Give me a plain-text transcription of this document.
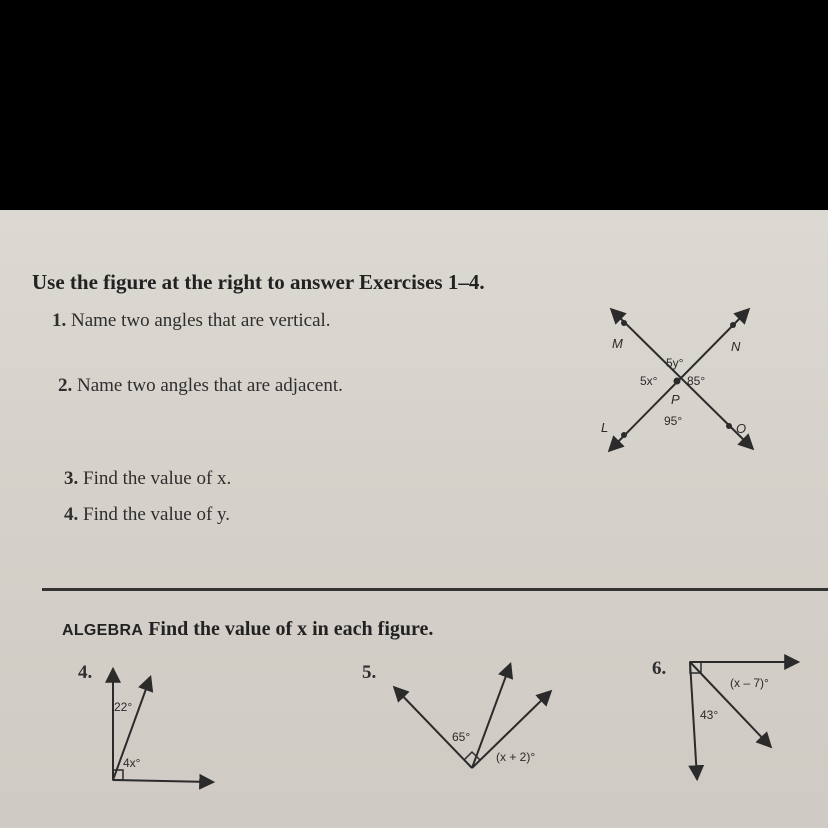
Use the figure at the right to answer Exercises 1–4.
1. Name two angles that are vertical.
2. Name two angles that are adjacent.
3. Find the value of x.
4. Find the value of y.
M	N
P
L	O
5x°
5y°
85°
95°
ALGEBRA Find the value of x in each figure.
4.
22°
4x°
5.
65°
(x + 2)°
6.
(x – 7)°
43°
